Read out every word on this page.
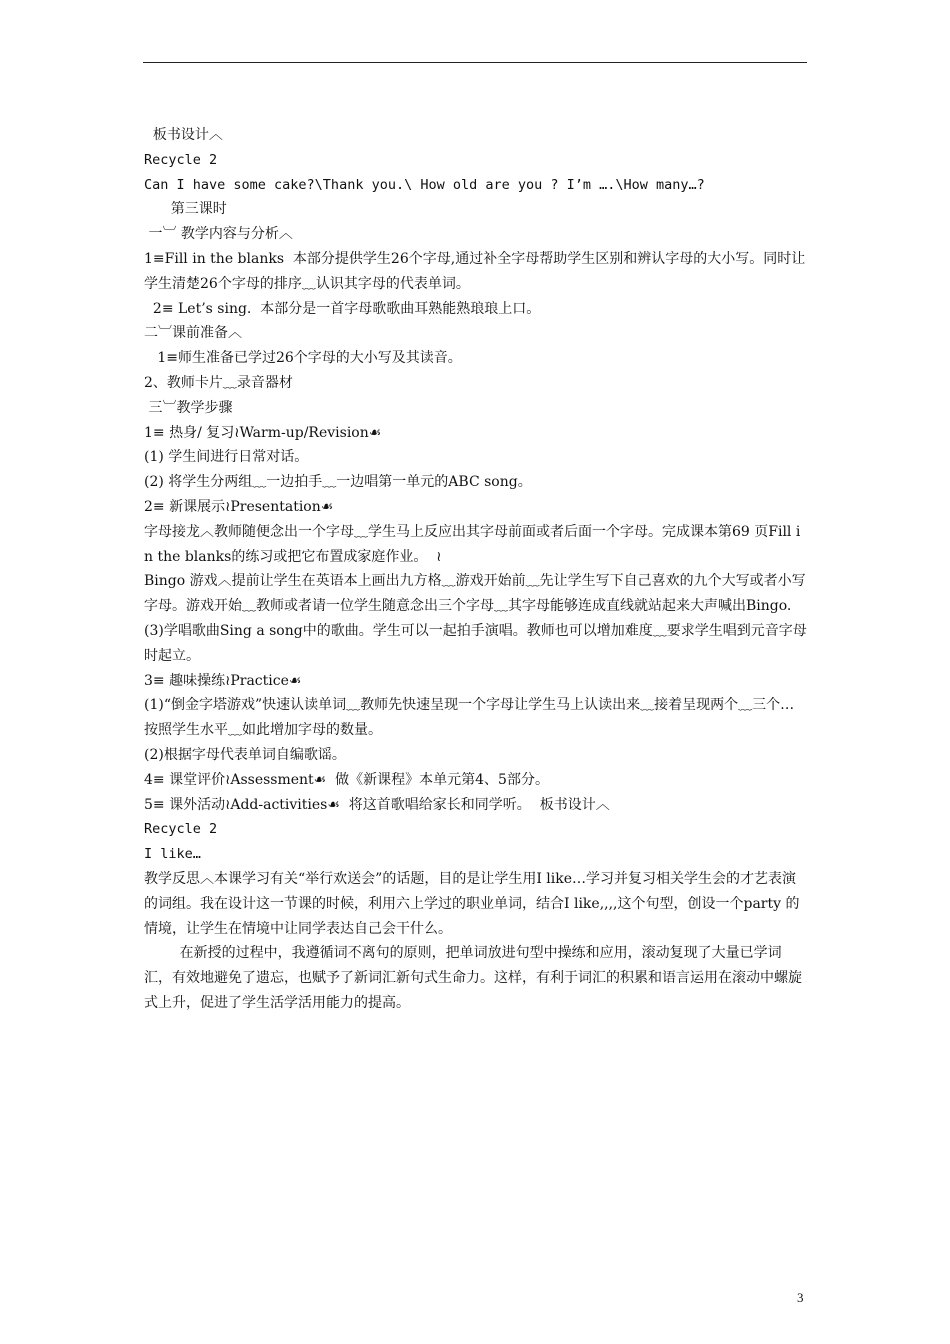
板书设计︿

Recycle 2

Can I have some cake?\Thank you.\ How old are you ? I’m ….\How many…?

第三课时

一︺ 教学内容与分析︿

1≡Fill in the blanks  本部分提供学生26个字母,通过补全字母帮助学生区别和辨认字母的大小写。同时让学生清楚26个字母的排序﹏认识其字母的代表单词。

2≡ Let’s sing.  本部分是一首字母歌歌曲耳熟能熟琅琅上口。

二︺课前准备︿

1≡师生准备已学过26个字母的大小写及其读音。

2、教师卡片﹏录音器材

三︺教学步骤

1≡ 热身/ 复习≀Warm-up/Revision☙

(1) 学生间进行日常对话。

(2) 将学生分两组﹏一边拍手﹏一边唱第一单元的ABC song。

2≡ 新课展示≀Presentation☙

字母接龙︿教师随便念出一个字母﹏学生马上反应出其字母前面或者后面一个字母。完成课本第69 页Fill in the blanks的练习或把它布置成家庭作业。  ≀

Bingo 游戏︿提前让学生在英语本上画出九方格﹏游戏开始前﹏先让学生写下自己喜欢的九个大写或者小写字母。游戏开始﹏教师或者请一位学生随意念出三个字母﹏其字母能够连成直线就站起来大声喊出Bingo.

(3)学唱歌曲Sing a song中的歌曲。学生可以一起拍手演唱。教师也可以增加难度﹏要求学生唱到元音字母时起立。

3≡ 趣味操练≀Practice☙

(1)“倒金字塔游戏”快速认读单词﹏教师先快速呈现一个字母让学生马上认读出来﹏接着呈现两个﹏三个…按照学生水平﹏如此增加字母的数量。

(2)根据字母代表单词自编歌谣。

4≡ 课堂评价≀Assessment☙  做《新课程》本单元第4、5部分。

5≡ 课外活动≀Add-activities☙  将这首歌唱给家长和同学听。  板书设计︿

Recycle 2

I like…

教学反思︿本课学习有关“举行欢送会”的话题，目的是让学生用I like…学习并复习相关学生会的才艺表演的词组。我在设计这一节课的时候，利用六上学过的职业单词，结合I like,,,,这个句型，创设一个party 的情境，让学生在情境中让同学表达自己会干什么。

在新授的过程中，我遵循词不离句的原则，把单词放进句型中操练和应用，滚动复现了大量已学词汇，有效地避免了遗忘，也赋予了新词汇新句式生命力。这样，有利于词汇的积累和语言运用在滚动中螺旋式上升，促进了学生活学活用能力的提高。

3
